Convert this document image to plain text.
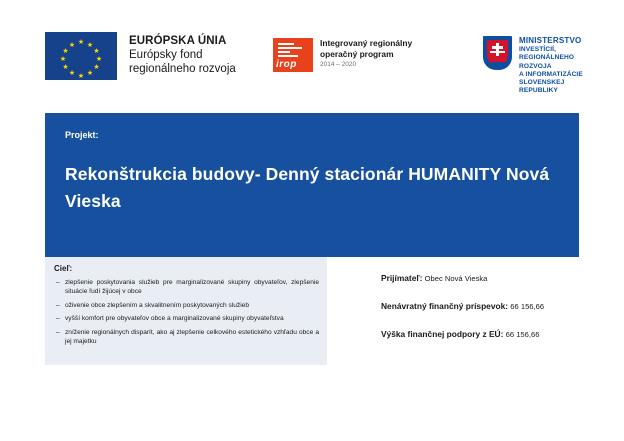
★ ★
★
★
★
★
★
★
★
★
★
★	EURÓPSKA ÚNIA
Európsky fond
regionálneho rozvoja	irop
Integrovaný regionálny
operačný program
2014 – 2020
MINISTERSTVO
INVESTÍCIÍ, REGIONÁLNEHO ROZVOJA
A INFORMATIZÁCIE
SLOVENSKEJ REPUBLIKY
Projekt:
Rekonštrukcia budovy- Denný stacionár HUMANITY Nová Vieska
Cieľ:
– zlepšenie poskytovania služieb pre marginalizované skupiny obyvateľov, zlepšenie situácie ľudí žijúcej v obce
– oživenie obce zlepšením a skvalitnením poskytovaných služieb
– vyšší komfort pre obyvateľov obce a marginalizované skupiny obyvateľstva
– zníženie regionálnych disparít, ako aj zlepšenie celkového estetického vzhľadu obce a jej majetku
Prijímateľ: Obec Nová Vieska
Nenávratný finančný príspevok: 66 156,66
Výška finančnej podpory z EÚ: 66 156,66
